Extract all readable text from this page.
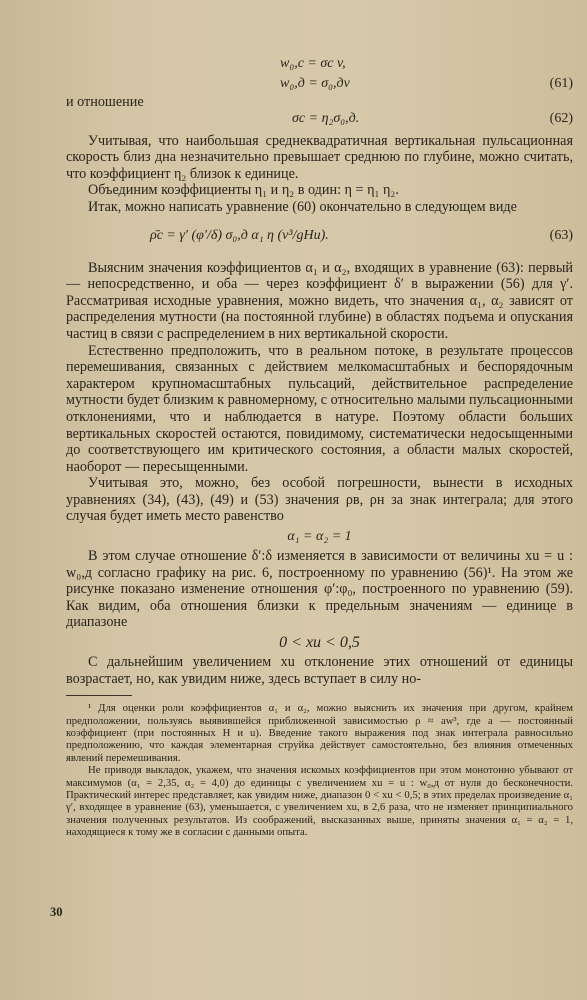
w₀,с = σс v,
w₀,д = σ₀,дv	(61)

и отношение

σс = η₂σ₀,д.	(62)

Учитывая, что наибольшая среднеквадратичная вертикальная пульсационная скорость близ дна незначительно превышает среднюю по глубине, можно считать, что коэффициент η₂ близок к единице.

Объединим коэффициенты η₁ и η₂ в один: η = η₁ η₂.

Итак, можно написать уравнение (60) окончательно в следующем виде

ρ̄с = γ′ (φ′/δ) σ₀,д α₁ η (v³/gHu).	(63)

Выясним значения коэффициентов α₁ и α₂, входящих в уравнение (63): первый — непосредственно, и оба — через коэффициент δ′ в выражении (56) для γ′. Рассматривая исходные уравнения, можно видеть, что значения α₁, α₂ зависят от распределения мутности (на постоянной глубине) в областях подъема и опускания частиц в связи с распределением в них вертикальной скорости.

Естественно предположить, что в реальном потоке, в результате процессов перемешивания, связанных с действием мелкомасштабных и беспорядочным характером крупномасштабных пульсаций, действительное распределение мутности будет близким к равномерному, с относительно малыми пульсационными отклонениями, что и наблюдается в натуре. Поэтому области больших вертикальных скоростей остаются, повидимому, систематически недосыщенными до соответствующего им критического состояния, а области малых скоростей, наоборот — пересыщенными.

Учитывая это, можно, без особой погрешности, вынести в исходных уравнениях (34), (43), (49) и (53) значения ρв, ρн за знак интеграла; для этого случая будет иметь место равенство

α₁ = α₂ = 1

В этом случае отношение δ′:δ изменяется в зависимости от величины xu = u : w₀,д согласно графику на рис. 6, построенному по уравнению (56)¹. На этом же рисунке показано изменение отношения φ′:φ₀, построенного по уравнению (59). Как видим, оба отношения близки к предельным значениям — единице в диапазоне

0 < xu < 0,5

С дальнейшим увеличением xu отклонение этих отношений от единицы возрастает, но, как увидим ниже, здесь вступает в силу но-

¹ Для оценки роли коэффициентов α₁ и α₂, можно выяснить их значения при другом, крайнем предположении, пользуясь выявившейся приближенной зависимостью ρ ≈ aw³, где a — постоянный коэффициент (при постоянных H и u). Введение такого выражения под знак интеграла равносильно предположению, что каждая элементарная струйка действует самостоятельно, без влияния отмеченных явлений перемешивания.

Не приводя выкладок, укажем, что значения искомых коэффициентов при этом монотонно убывают от максимумов (α₁ = 2,35, α₂ = 4,0) до единицы с увеличением xu = u : w₀,д от нуля до бесконечности. Практический интерес представляет, как увидим ниже, диапазон 0 < xu < 0,5; в этих пределах произведение α₁ γ′, входящее в уравнение (63), уменьшается, с увеличением xu, в 2,6 раза, что не изменяет принципиального значения полученных результатов. Из соображений, высказанных выше, приняты значения α₁ = α₂ = 1, находящиеся к тому же в согласии с данными опыта.

30
